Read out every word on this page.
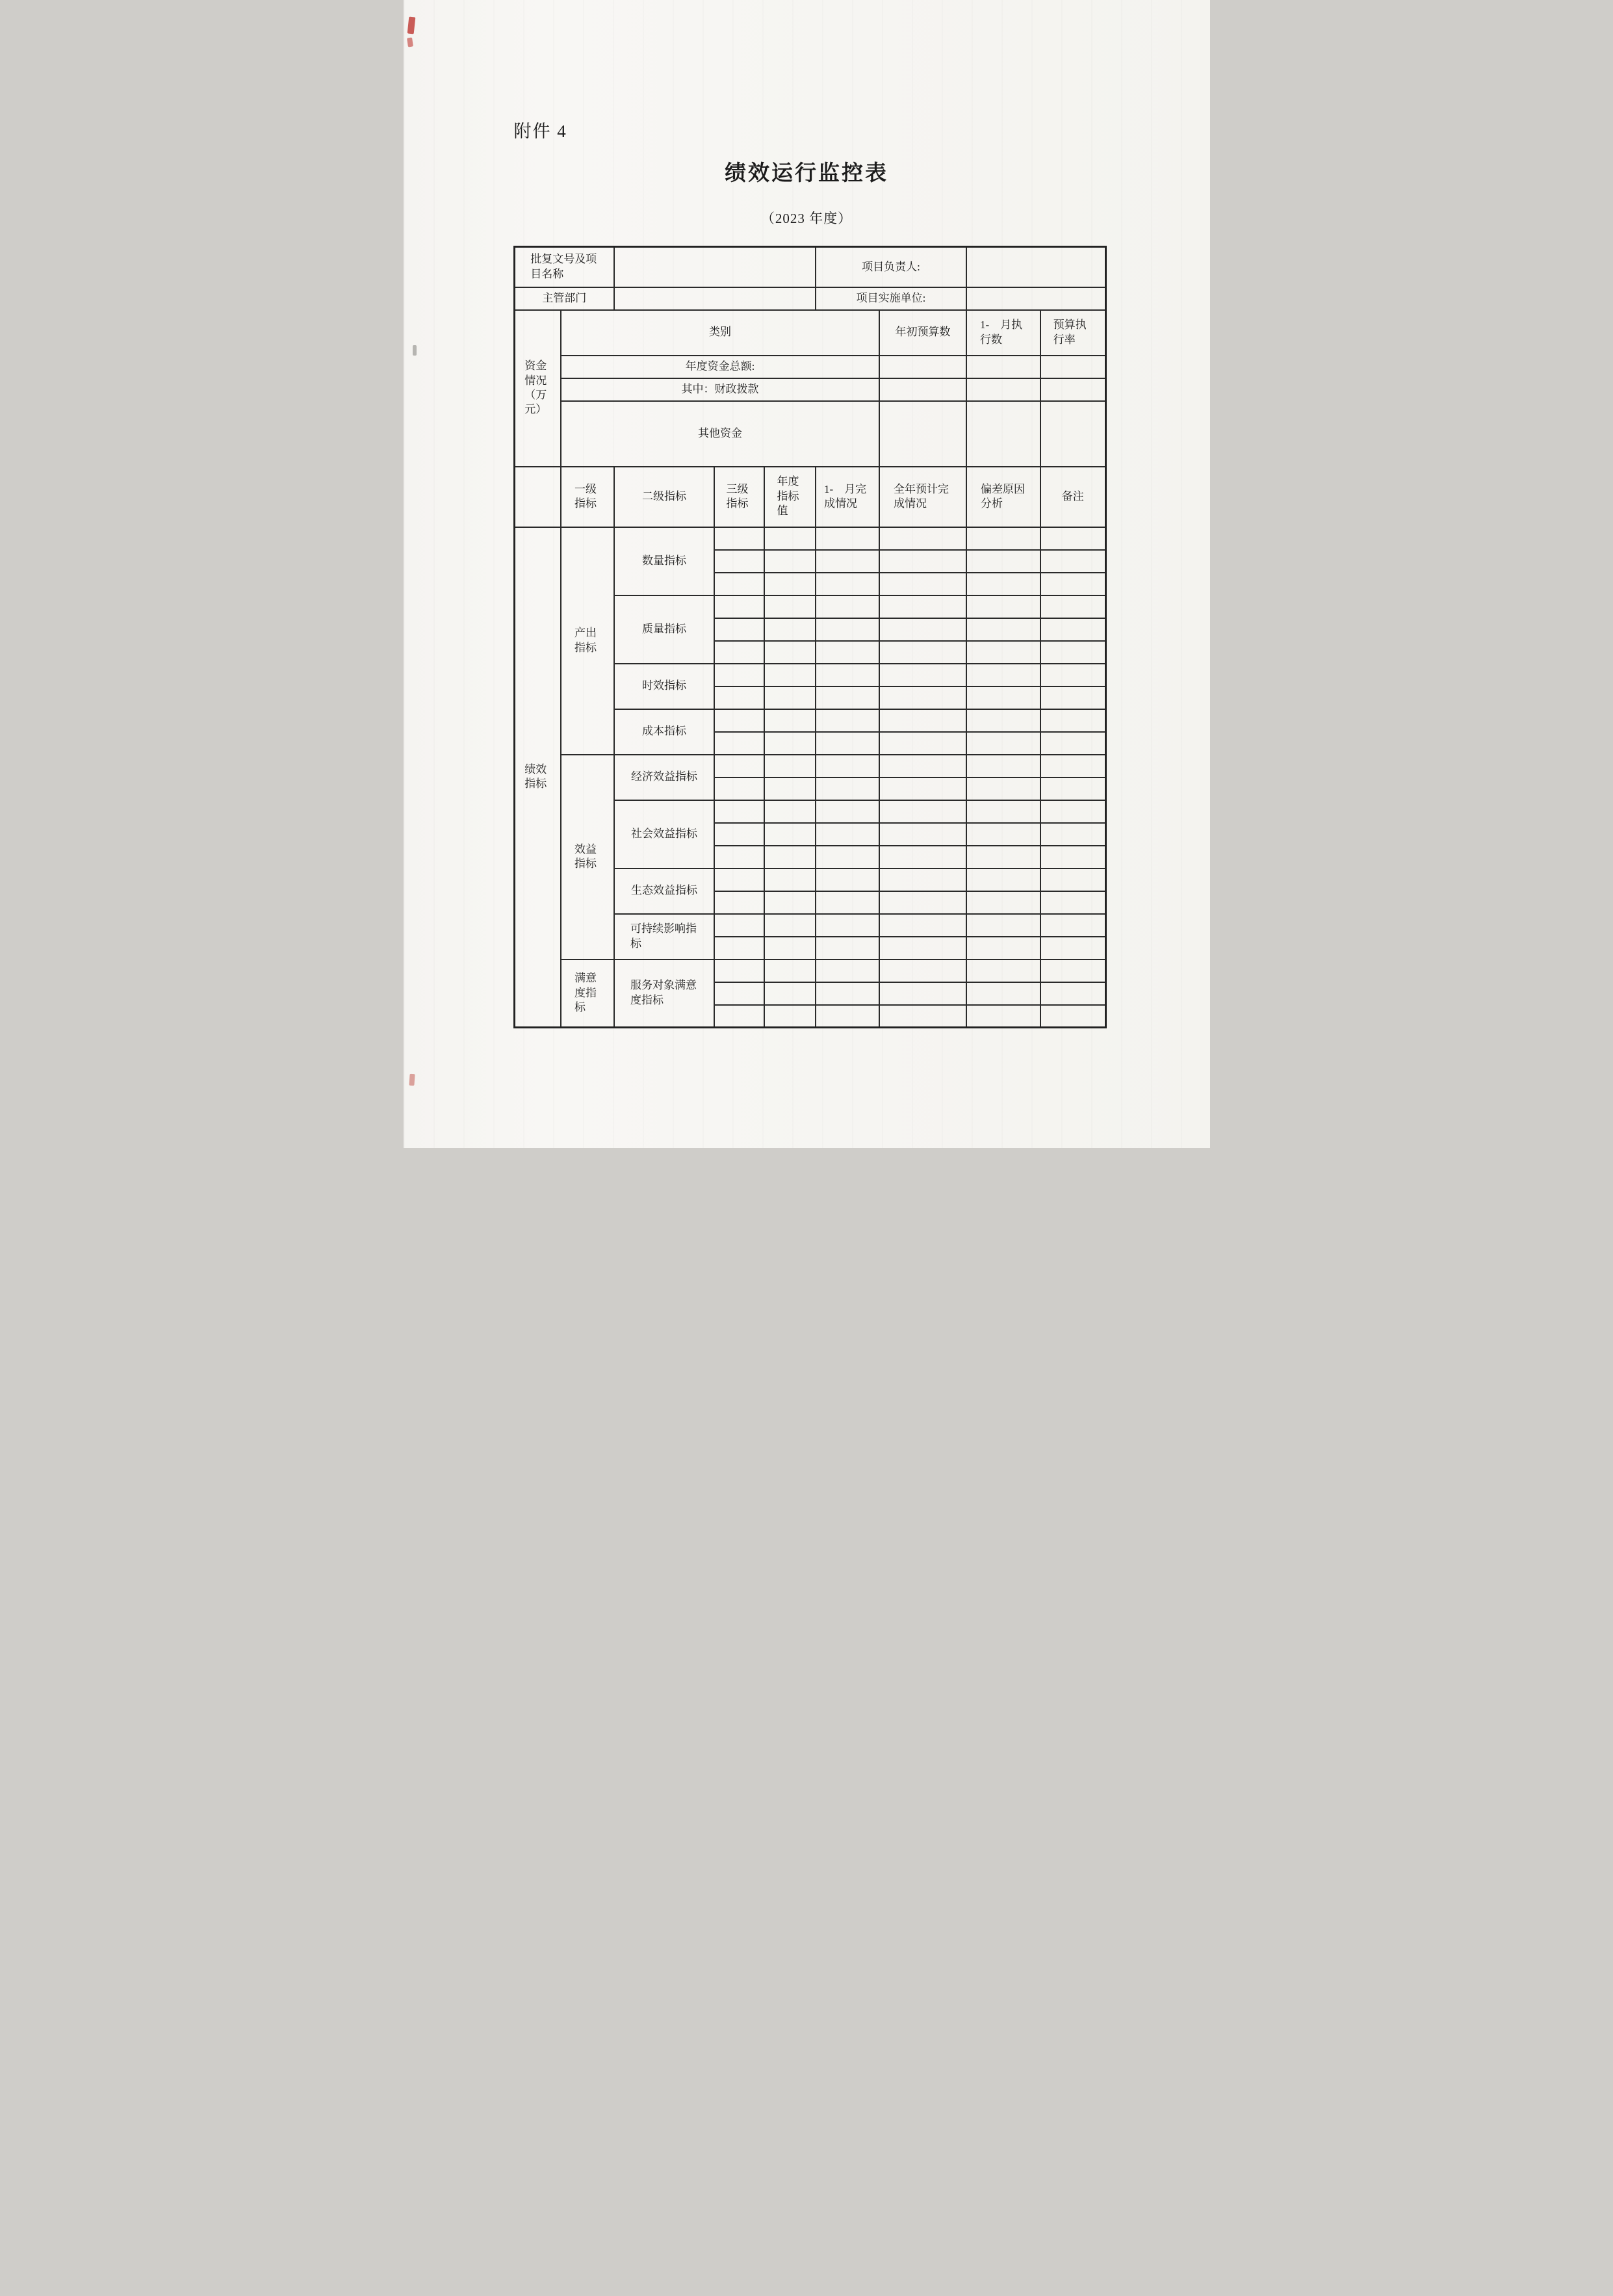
附件 4
绩效运行监控表
（2023 年度）
批复文号及项目名称					项目负责人:			
主管部门					项目实施单位:			
资金情况（万元）	类别					年初预算数	1-　月执行数	预算执行率
	年度资金总额:							
	其中：财政拨款							
	其他资金							
	一级指标	二级指标	三级指标	年度指标值	1-　月完成情况	全年预计完成情况	偏差原因分析	备注
绩效指标	产出指标	数量指标						

		质量指标						

		时效指标						

		成本指标						

	效益指标	经济效益指标						

		社会效益指标						

		生态效益指标						

		可持续影响指标						

	满意度指标	服务对象满意度指标						
